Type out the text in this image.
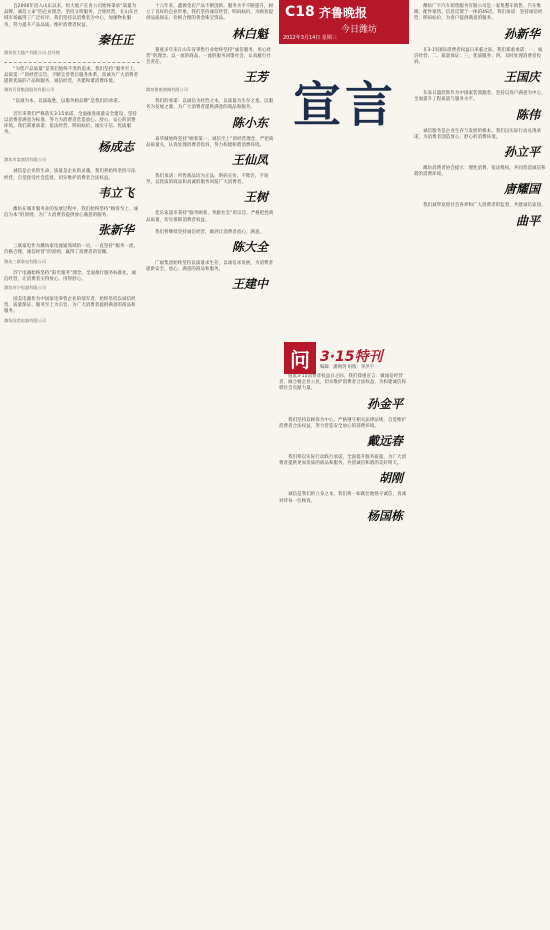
　　自2006年进入山东以来，恒大地产在青公司始终秉承“质量为品牌，诚信立命”的企业理念，坚持文明服务、合规经营，在山东区域市场赢得了广泛好评。我们坚持以消费者为中心，加强物业服务，努力提升产品品质，维护消费者权益。
秦任正
潍坊恒大地产有限公司 总经理
　　“为您产品质量”是我们始终不变的追求。我们坚持“服务至上，品质第一”的经营宗旨，不断完善售后服务体系，真诚为广大消费者提供优质的产品和服务，诚信经营，共建和谐消费环境。
潍坊百货集团股份有限公司
　　“以诚为本，以质取胜，以服务树品牌”是我们的承诺。
　　近年来我们严格落实3·15承诺，全面推进质量安全建设，坚持以消费者满意为标准，努力为消费者营造放心、舒心、安心的消费环境。我们郑重承诺：依法经营、明码标价、诚实守信、优质服务。
杨成志
潍坊市某商贸有限公司
　　诚信是企业的生命，质量是企业的灵魂。我们将始终坚持守法经营，自觉接受社会监督，切实维护消费者合法权益。
韦立飞
　　潍坊在城市服务业的发展过程中，我们始终坚持“顾客至上、诚信为本”的原则，为广大消费者提供放心满意的服务。
张新华
　　三联家电作为潍坊家电流通领域的一员，一直坚持“服务一流，价格合理，诚信经营”的原则，赢得了消费者的信赖。
潍坊三联家电有限公司
　　苏宁电器始终坚持“阳光服务”理念，全面推行服务标准化，诚信经营，让消费者买得放心、用得舒心。
潍坊苏宁电器有限公司
　　国美电器作为中国家电零售企业的领军者，始终坚持以诚信经营、质量保证、服务至上为宗旨，为广大消费者提供满意的商品和服务。
潍坊国美电器有限公司
　　十六年来，鑫源金店产品不断创新，服务水平不断提升，树立了良好的企业形象。我们坚持诚信经营，明码标价，为顾客提供品质保证、价格合理的黄金珠宝饰品。
林白魁
　　银座多年来在山东省零售行业始终坚持“诚信服务、用心经营”的理念，以一流的商品、一流的服务回馈社会，认真履行社会责任。
王芳
潍坊银座商城有限公司
　　我们的承诺：以诚信为经营之本，以质量为生存之基，以服务为发展之源，为广大消费者提供满意的商品和服务。
陈小东
　　泰华城始终坚持“顾客第一、诚信至上”的经营理念，严把商品质量关，认真处理消费者投诉，努力构建和谐消费环境。
王仙凤
　　我们承诺：所售商品均为正品，明码实价，不欺诈，不误导，以优质的商品和真诚的服务回报广大消费者。
王树
　　佳乐家超市秉持“服务顾客、奉献社会”的宗旨，严格把控商品质量，切实保障消费者权益。
　　我们将继续坚持诚信经营，做到让消费者放心、满意。
陈大全
　　广福集团始终坚持以质量求生存，以诚信求发展，为消费者提供安全、放心、满意的商品和服务。
王建中
C18 齐鲁晚报
今日潍坊
2012年3月14日 星期三
宣言
　　值此3·15消费者权益日之际，我们郑重宣言：做诚信经营者，做合格企业公民，切实维护消费者合法权益，为构建诚信和谐社会贡献力量。
孙金平
　　我们坚持以顾客为中心，严格遵守相关法律法规，自觉维护消费者合法权益，努力营造安全放心的消费环境。
戴远春
　　我们将以实际行动践行承诺，全面提升服务质量，为广大消费者提供更加优质的商品和服务，共创诚信和谐的美好明天。
胡刚
　　诚信是我们的立身之本，我们将一如既往地恪守诚信，真诚对待每一位顾客。
杨国栋
问 3·15特刊
编辑：潘钢剑 组版：李洪宇
　　潍坊广宇汽车销售服务有限公司是一家集整车销售、汽车维修、配件销售、信息反馈于一体的4S店。我们承诺：坚持诚信经营，明码标价，为客户提供满意的服务。
孙新华
　　在3·15国际消费者权益日来临之际，我们郑重承诺：一、诚信经营；二、质量保证；三、优质服务；四、及时处理消费者投诉。
王国庆
　　东易日盛装饰作为中国家装领跑者，坚持以客户满意为中心，全面提升工程质量与服务水平。
陈伟
　　诚信服务是企业生存与发展的根本。我们以实际行动兑现承诺，为消费者创造放心、舒心的消费环境。
孙立平
　　潍坊消费者协会提示：理性消费，依法维权，共同营造诚信和谐的消费环境。
唐耀国
　　我们诚挚欢迎社会各界和广大消费者的监督，共建诚信家园。
曲平
